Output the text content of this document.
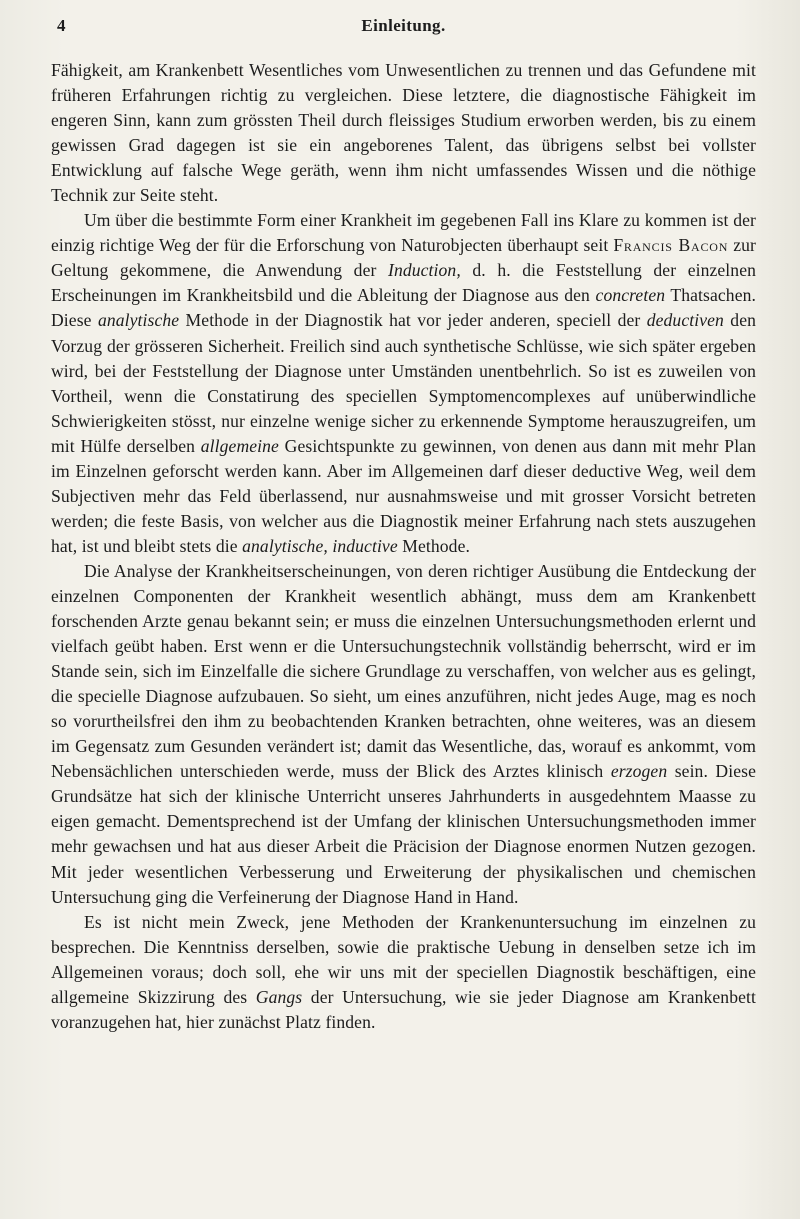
4	Einleitung.

Fähigkeit, am Krankenbett Wesentliches vom Unwesentlichen zu trennen und das Gefundene mit früheren Erfahrungen richtig zu vergleichen. Diese letztere, die diagnostische Fähigkeit im engeren Sinn, kann zum grössten Theil durch fleissiges Studium erworben werden, bis zu einem gewissen Grad dagegen ist sie ein angeborenes Talent, das übrigens selbst bei vollster Entwicklung auf falsche Wege geräth, wenn ihm nicht umfassendes Wissen und die nöthige Technik zur Seite steht.

Um über die bestimmte Form einer Krankheit im gegebenen Fall ins Klare zu kommen ist der einzig richtige Weg der für die Erforschung von Naturobjecten überhaupt seit Francis Bacon zur Geltung gekommene, die Anwendung der Induction, d. h. die Feststellung der einzelnen Erscheinungen im Krankheitsbild und die Ableitung der Diagnose aus den concreten Thatsachen. Diese analytische Methode in der Diagnostik hat vor jeder anderen, speciell der deductiven den Vorzug der grösseren Sicherheit. Freilich sind auch synthetische Schlüsse, wie sich später ergeben wird, bei der Feststellung der Diagnose unter Umständen unentbehrlich. So ist es zuweilen von Vortheil, wenn die Constatirung des speciellen Symptomencomplexes auf unüberwindliche Schwierigkeiten stösst, nur einzelne wenige sicher zu erkennende Symptome herauszugreifen, um mit Hülfe derselben allgemeine Gesichtspunkte zu gewinnen, von denen aus dann mit mehr Plan im Einzelnen geforscht werden kann. Aber im Allgemeinen darf dieser deductive Weg, weil dem Subjectiven mehr das Feld überlassend, nur ausnahmsweise und mit grosser Vorsicht betreten werden; die feste Basis, von welcher aus die Diagnostik meiner Erfahrung nach stets auszugehen hat, ist und bleibt stets die analytische, inductive Methode.

Die Analyse der Krankheitserscheinungen, von deren richtiger Ausübung die Entdeckung der einzelnen Componenten der Krankheit wesentlich abhängt, muss dem am Krankenbett forschenden Arzte genau bekannt sein; er muss die einzelnen Untersuchungsmethoden erlernt und vielfach geübt haben. Erst wenn er die Untersuchungstechnik vollständig beherrscht, wird er im Stande sein, sich im Einzelfalle die sichere Grundlage zu verschaffen, von welcher aus es gelingt, die specielle Diagnose aufzubauen. So sieht, um eines anzuführen, nicht jedes Auge, mag es noch so vorurtheilsfrei den ihm zu beobachtenden Kranken betrachten, ohne weiteres, was an diesem im Gegensatz zum Gesunden verändert ist; damit das Wesentliche, das, worauf es ankommt, vom Nebensächlichen unterschieden werde, muss der Blick des Arztes klinisch erzogen sein. Diese Grundsätze hat sich der klinische Unterricht unseres Jahrhunderts in ausgedehntem Maasse zu eigen gemacht. Dementsprechend ist der Umfang der klinischen Untersuchungsmethoden immer mehr gewachsen und hat aus dieser Arbeit die Präcision der Diagnose enormen Nutzen gezogen. Mit jeder wesentlichen Verbesserung und Erweiterung der physikalischen und chemischen Untersuchung ging die Verfeinerung der Diagnose Hand in Hand.

Es ist nicht mein Zweck, jene Methoden der Krankenuntersuchung im einzelnen zu besprechen. Die Kenntniss derselben, sowie die praktische Uebung in denselben setze ich im Allgemeinen voraus; doch soll, ehe wir uns mit der speciellen Diagnostik beschäftigen, eine allgemeine Skizzirung des Gangs der Untersuchung, wie sie jeder Diagnose am Krankenbett voranzugehen hat, hier zunächst Platz finden.
